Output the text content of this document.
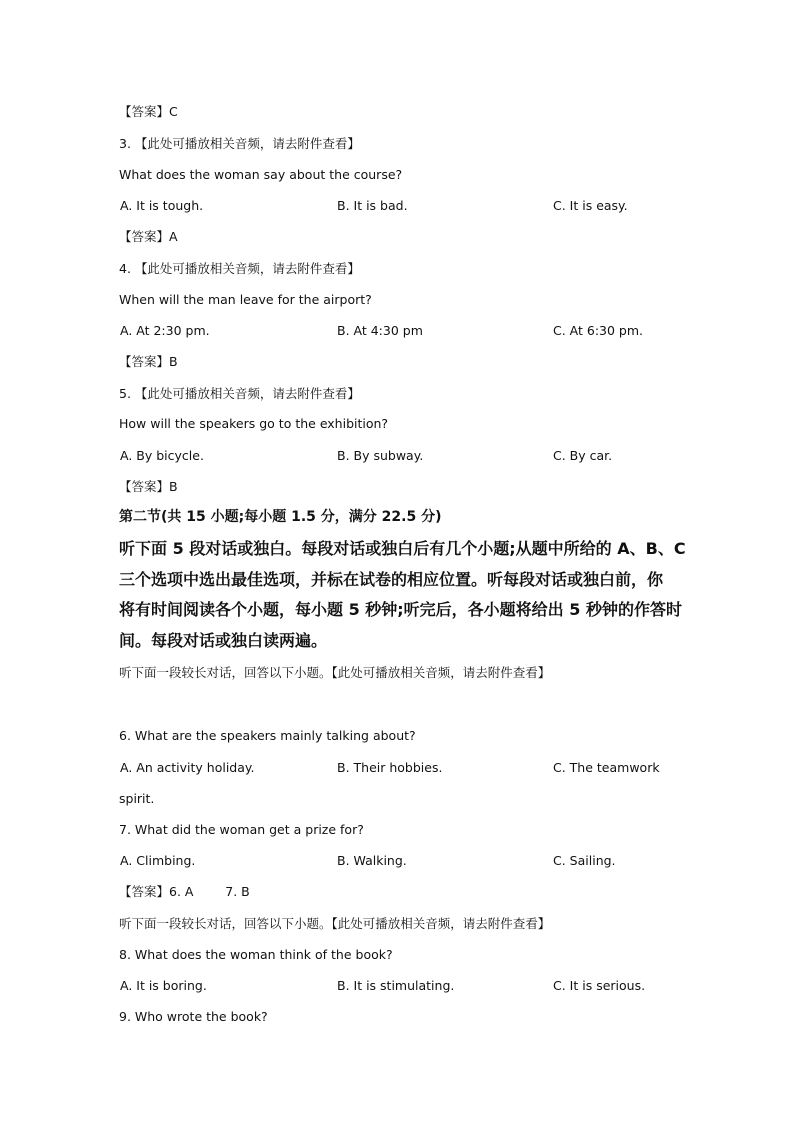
【答案】C
3. 【此处可播放相关音频，请去附件查看】
What does the woman say about the course?
A. It is tough.	B. It is bad.	C. It is easy.
【答案】A
4. 【此处可播放相关音频，请去附件查看】
When will the man leave for the airport?
A. At 2:30 pm.	B. At 4:30 pm	C. At 6:30 pm.
【答案】B
5. 【此处可播放相关音频，请去附件查看】
How will the speakers go to the exhibition?
A. By bicycle.	B. By subway.	C. By car.
【答案】B
第二节(共 15 小题;每小题 1.5 分，满分 22.5 分)
听下面 5 段对话或独白。每段对话或独白后有几个小题;从题中所给的 A、B、C
三个选项中选出最佳选项，并标在试卷的相应位置。听每段对话或独白前，你
将有时间阅读各个小题，每小题 5 秒钟;听完后，各小题将给出 5 秒钟的作答时
间。每段对话或独白读两遍。
听下面一段较长对话，回答以下小题。【此处可播放相关音频，请去附件查看】
6. What are the speakers mainly talking about?
A. An activity holiday.	B. Their hobbies.	C. The teamwork
spirit.
7. What did the woman get a prize for?
A. Climbing.	B. Walking.	C. Sailing.
【答案】6. A        7. B
听下面一段较长对话，回答以下小题。【此处可播放相关音频，请去附件查看】
8. What does the woman think of the book?
A. It is boring.	B. It is stimulating.	C. It is serious.
9. Who wrote the book?
